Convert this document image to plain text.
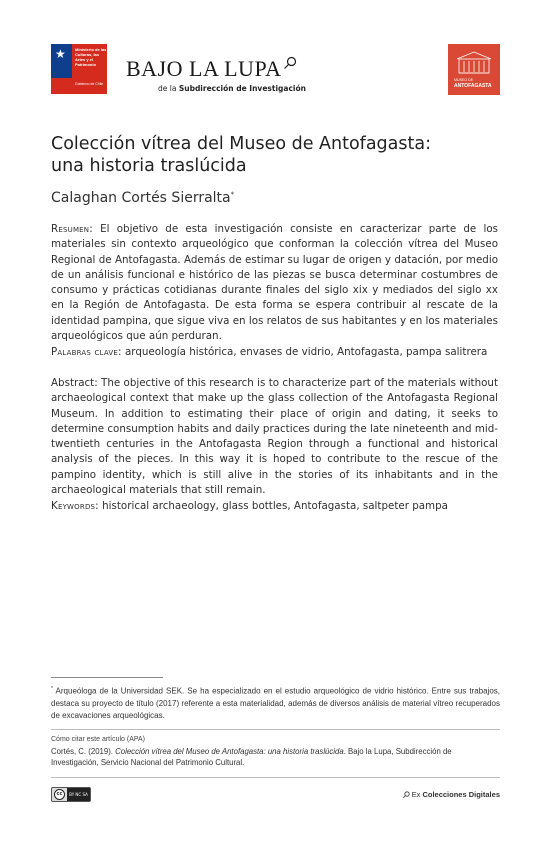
★ Ministerio de las Culturas, las Artes y el Patrimonio
Gobierno de Chile
BAJO LA LUPA
de la Subdirección de Investigación
MUSEO DE
ANTOFAGASTA
Colección vítrea del Museo de Antofagasta:
una historia traslúcida
Calaghan Cortés Sierralta*
Resumen: El objetivo de esta investigación consiste en caracterizar parte de los materiales sin contexto arqueológico que conforman la colección vítrea del Museo Regional de Antofagasta. Además de estimar su lugar de origen y datación, por medio de un análisis funcional e histórico de las piezas se busca determinar costumbres de consumo y prácticas cotidianas durante finales del siglo xix y mediados del siglo xx en la Región de Antofagasta. De esta forma se espera contribuir al rescate de la identidad pampina, que sigue viva en los relatos de sus habitantes y en los materiales arqueológicos que aún perduran.
Palabras clave: arqueología histórica, envases de vidrio, Antofagasta, pampa salitrera
Abstract: The objective of this research is to characterize part of the materials without archaeological context that make up the glass collection of the Antofagasta Regional Museum. In addition to estimating their place of origin and dating, it seeks to determine consumption habits and daily practices during the late nineteenth and mid-twentieth centuries in the Antofagasta Region through a functional and historical analysis of the pieces. In this way it is hoped to contribute to the rescue of the pampino identity, which is still alive in the stories of its inhabitants and in the archaeological materials that still remain.
Keywords: historical archaeology, glass bottles, Antofagasta, saltpeter pampa
* Arqueóloga de la Universidad SEK. Se ha especializado en el estudio arqueológico de vidrio histórico. Entre sus trabajos, destaca su proyecto de título (2017) referente a esta materialidad, además de diversos análisis de material vítreo recuperados de excavaciones arqueológicas.
Cómo citar este artículo (APA)
Cortés, C. (2019). Colección vítrea del Museo de Antofagasta: una historia traslúcida. Bajo la Lupa, Subdirección de Investigación, Servicio Nacional del Patrimonio Cultural.
cc	BY NC SA	Ex Colecciones Digitales
